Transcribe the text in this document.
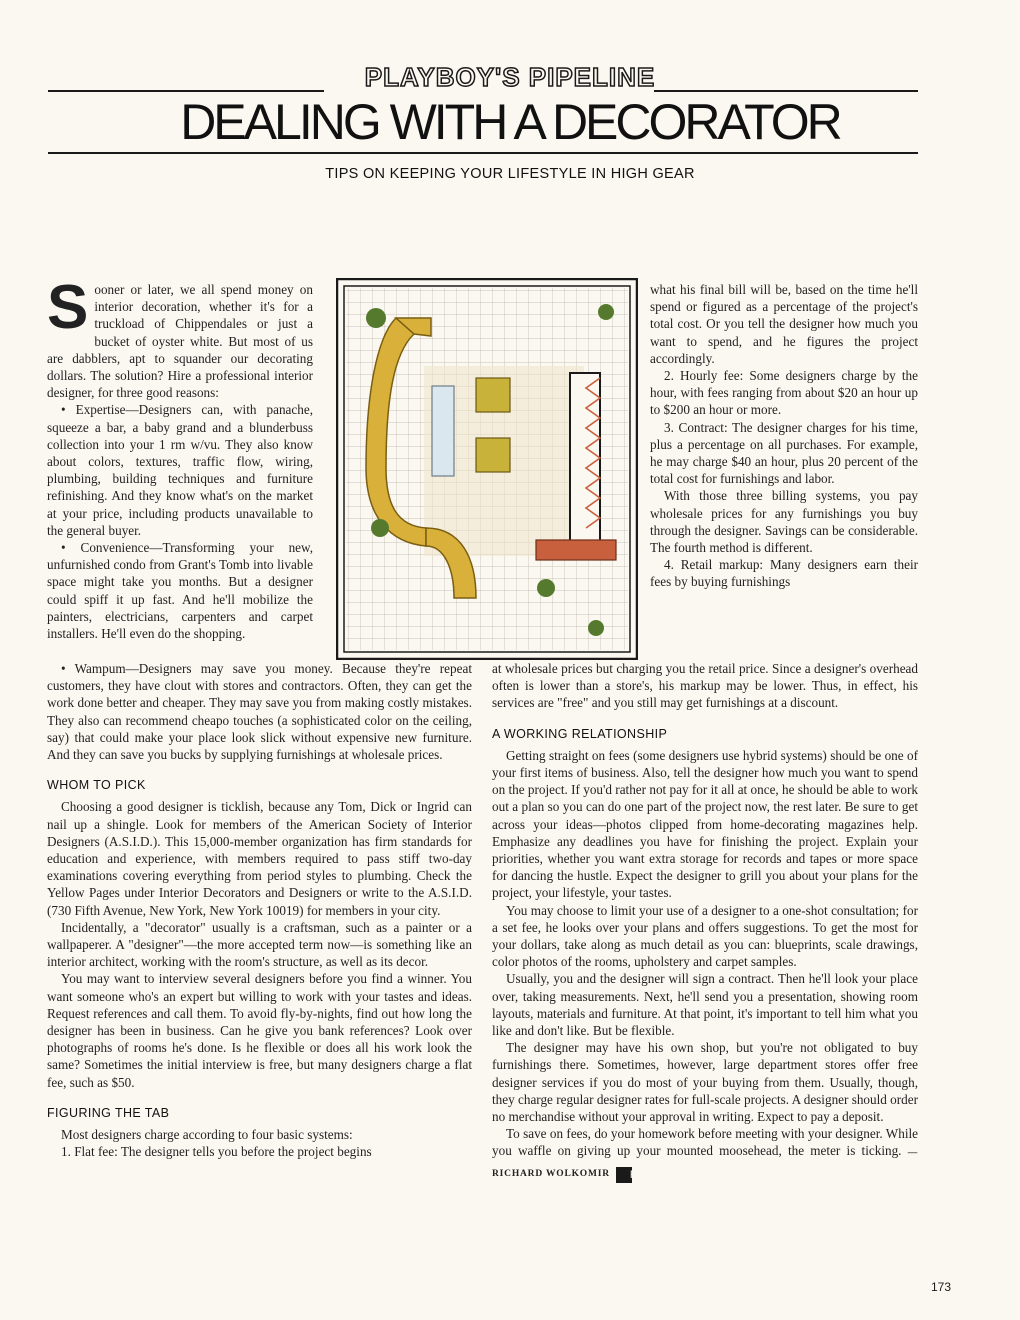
PLAYBOY'S PIPELINE
DEALING WITH A DECORATOR
TIPS ON KEEPING YOUR LIFESTYLE IN HIGH GEAR

Sooner or later, we all spend money on interior decoration, whether it's for a truckload of Chippendales or just a bucket of oyster white. But most of us are dabblers, apt to squander our decorating dollars. The solution? Hire a professional interior designer, for three good reasons:

• Expertise—Designers can, with panache, squeeze a bar, a baby grand and a blunderbuss collection into your 1 rm w/vu. They also know about colors, textures, traffic flow, wiring, plumbing, building techniques and furniture refinishing. And they know what's on the market at your price, including products unavailable to the general buyer.

• Convenience—Transforming your new, unfurnished condo from Grant's Tomb into livable space might take you months. But a designer could spiff it up fast. And he'll mobilize the painters, electricians, carpenters and carpet installers. He'll even do the shopping.

• Wampum—Designers may save you money. Because they're repeat customers, they have clout with stores and contractors. Often, they can get the work done better and cheaper. They may save you from making costly mistakes. They also can recommend cheapo touches (a sophisticated color on the ceiling, say) that could make your place look slick without expensive new furniture. And they can save you bucks by supplying furnishings at wholesale prices.

WHOM TO PICK

Choosing a good designer is ticklish, because any Tom, Dick or Ingrid can nail up a shingle. Look for members of the American Society of Interior Designers (A.S.I.D.). This 15,000-member organization has firm standards for education and experience, with members required to pass stiff two-day examinations covering everything from period styles to plumbing. Check the Yellow Pages under Interior Decorators and Designers or write to the A.S.I.D. (730 Fifth Avenue, New York, New York 10019) for members in your city.

Incidentally, a "decorator" usually is a craftsman, such as a painter or a wallpaperer. A "designer"—the more accepted term now—is something like an interior architect, working with the room's structure, as well as its decor.

You may want to interview several designers before you find a winner. You want someone who's an expert but willing to work with your tastes and ideas. Request references and call them. To avoid fly-by-nights, find out how long the designer has been in business. Can he give you bank references? Look over photographs of rooms he's done. Is he flexible or does all his work look the same? Sometimes the initial interview is free, but many designers charge a flat fee, such as $50.

FIGURING THE TAB

Most designers charge according to four basic systems:

1. Flat fee: The designer tells you before the project begins

what his final bill will be, based on the time he'll spend or figured as a percentage of the project's total cost. Or you tell the designer how much you want to spend, and he figures the project accordingly.

2. Hourly fee: Some designers charge by the hour, with fees ranging from about $20 an hour up to $200 an hour or more.

3. Contract: The designer charges for his time, plus a percentage on all purchases. For example, he may charge $40 an hour, plus 20 percent of the total cost for furnishings and labor.

With those three billing systems, you pay wholesale prices for any furnishings you buy through the designer. Savings can be considerable. The fourth method is different.

4. Retail markup: Many designers earn their fees by buying furnishings

at wholesale prices but charging you the retail price. Since a designer's overhead often is lower than a store's, his markup may be lower. Thus, in effect, his services are "free" and you still may get furnishings at a discount.

A WORKING RELATIONSHIP

Getting straight on fees (some designers use hybrid systems) should be one of your first items of business. Also, tell the designer how much you want to spend on the project. If you'd rather not pay for it all at once, he should be able to work out a plan so you can do one part of the project now, the rest later. Be sure to get across your ideas—photos clipped from home-decorating magazines help. Emphasize any deadlines you have for finishing the project. Explain your priorities, whether you want extra storage for records and tapes or more space for dancing the hustle. Expect the designer to grill you about your plans for the project, your lifestyle, your tastes.

You may choose to limit your use of a designer to a one-shot consultation; for a set fee, he looks over your plans and offers suggestions. To get the most for your dollars, take along as much detail as you can: blueprints, scale drawings, color photos of the rooms, upholstery and carpet samples.

Usually, you and the designer will sign a contract. Then he'll look your place over, taking measurements. Next, he'll send you a presentation, showing room layouts, materials and furniture. At that point, it's important to tell him what you like and don't like. But be flexible.

The designer may have his own shop, but you're not obligated to buy furnishings there. Sometimes, however, large department stores offer free designer services if you do most of your buying from them. Usually, though, they charge regular designer rates for full-scale projects. A designer should order no merchandise without your approval in writing. Expect to pay a deposit.

To save on fees, do your homework before meeting with your designer. While you waffle on giving up your mounted moosehead, the meter is ticking. —RICHARD WOLKOMIR P

173
